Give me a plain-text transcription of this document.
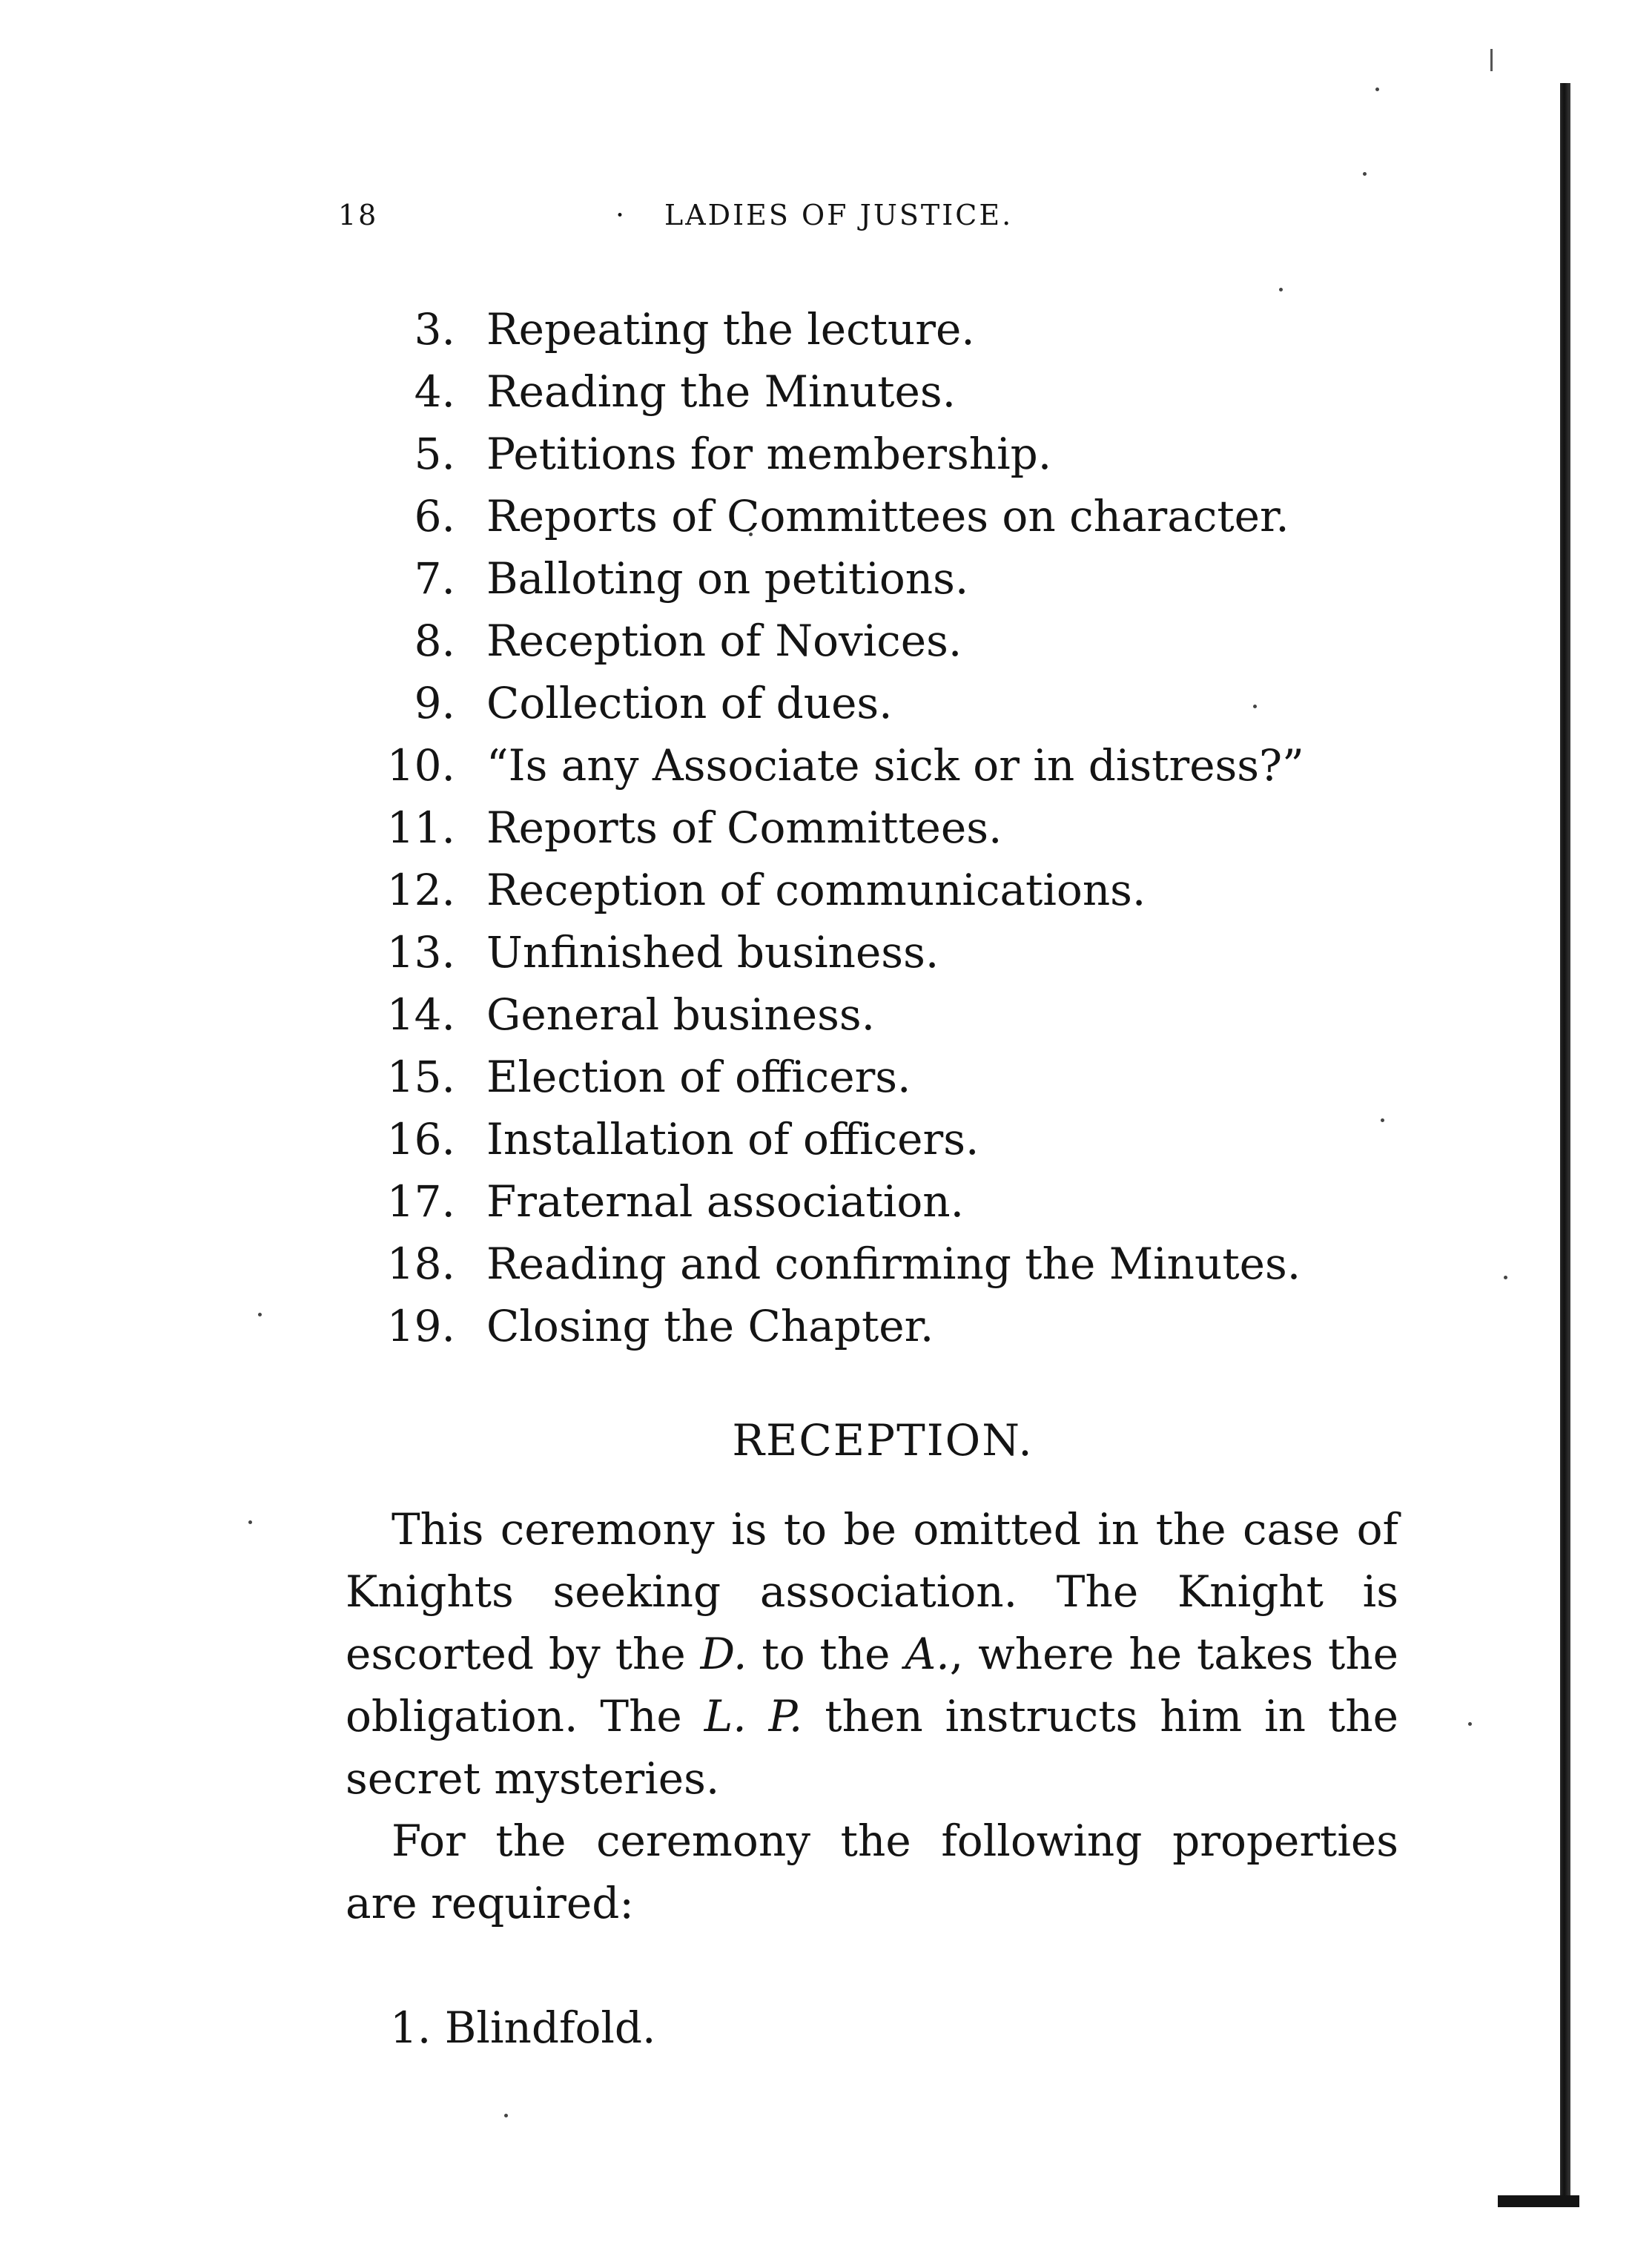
18	· LADIES OF JUSTICE.
3. Repeating the lecture.
4. Reading the Minutes.
5. Petitions for membership.
6. Reports of Committees on character.
7. Balloting on petitions.
8. Reception of Novices.
9. Collection of dues.
10. “Is any Associate sick or in distress?”
11. Reports of Committees.
12. Reception of communications.
13. Unfinished business.
14. General business.
15. Election of officers.
16. Installation of officers.
17. Fraternal association.
18. Reading and confirming the Minutes.
19. Closing the Chapter.
RECEPTION.

This ceremony is to be omitted in the case of Knights seeking association. The Knight is escorted by the D. to the A., where he takes the obligation. The L. P. then instructs him in the secret mysteries.

For the ceremony the following properties are required:

1. Blindfold.
